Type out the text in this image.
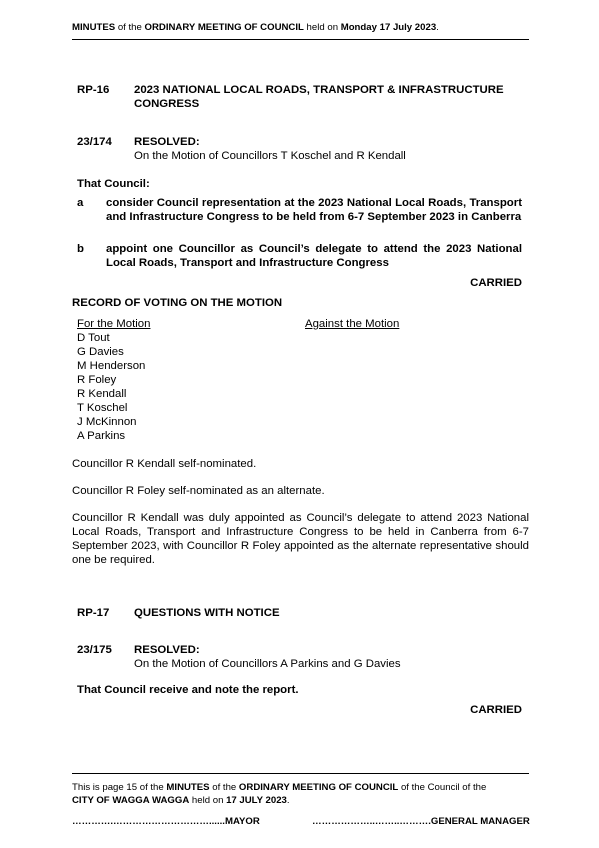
MINUTES of the ORDINARY MEETING OF COUNCIL held on Monday 17 July 2023.
RP-16 2023 NATIONAL LOCAL ROADS, TRANSPORT & INFRASTRUCTURE CONGRESS
23/174 RESOLVED:
On the Motion of Councillors T Koschel and R Kendall
That Council:
a consider Council representation at the 2023 National Local Roads, Transport and Infrastructure Congress to be held from 6-7 September 2023 in Canberra
b appoint one Councillor as Council’s delegate to attend the 2023 National Local Roads, Transport and Infrastructure Congress
CARRIED
RECORD OF VOTING ON THE MOTION
For the Motion	Against the Motion
D Tout
G Davies
M Henderson
R Foley
R Kendall
T Koschel
J McKinnon
A Parkins
Councillor R Kendall self-nominated.
Councillor R Foley self-nominated as an alternate.
Councillor R Kendall was duly appointed as Council’s delegate to attend 2023 National Local Roads, Transport and Infrastructure Congress to be held in Canberra from 6-7 September 2023, with Councillor R Foley appointed as the alternate representative should one be required.
RP-17 QUESTIONS WITH NOTICE
23/175 RESOLVED:
On the Motion of Councillors A Parkins and G Davies
That Council receive and note the report.
CARRIED
This is page 15 of the MINUTES of the ORDINARY MEETING OF COUNCIL of the Council of the
CITY OF WAGGA WAGGA held on 17 JULY 2023.
………….…………………………......MAYOR	………………..……..……….GENERAL MANAGER
